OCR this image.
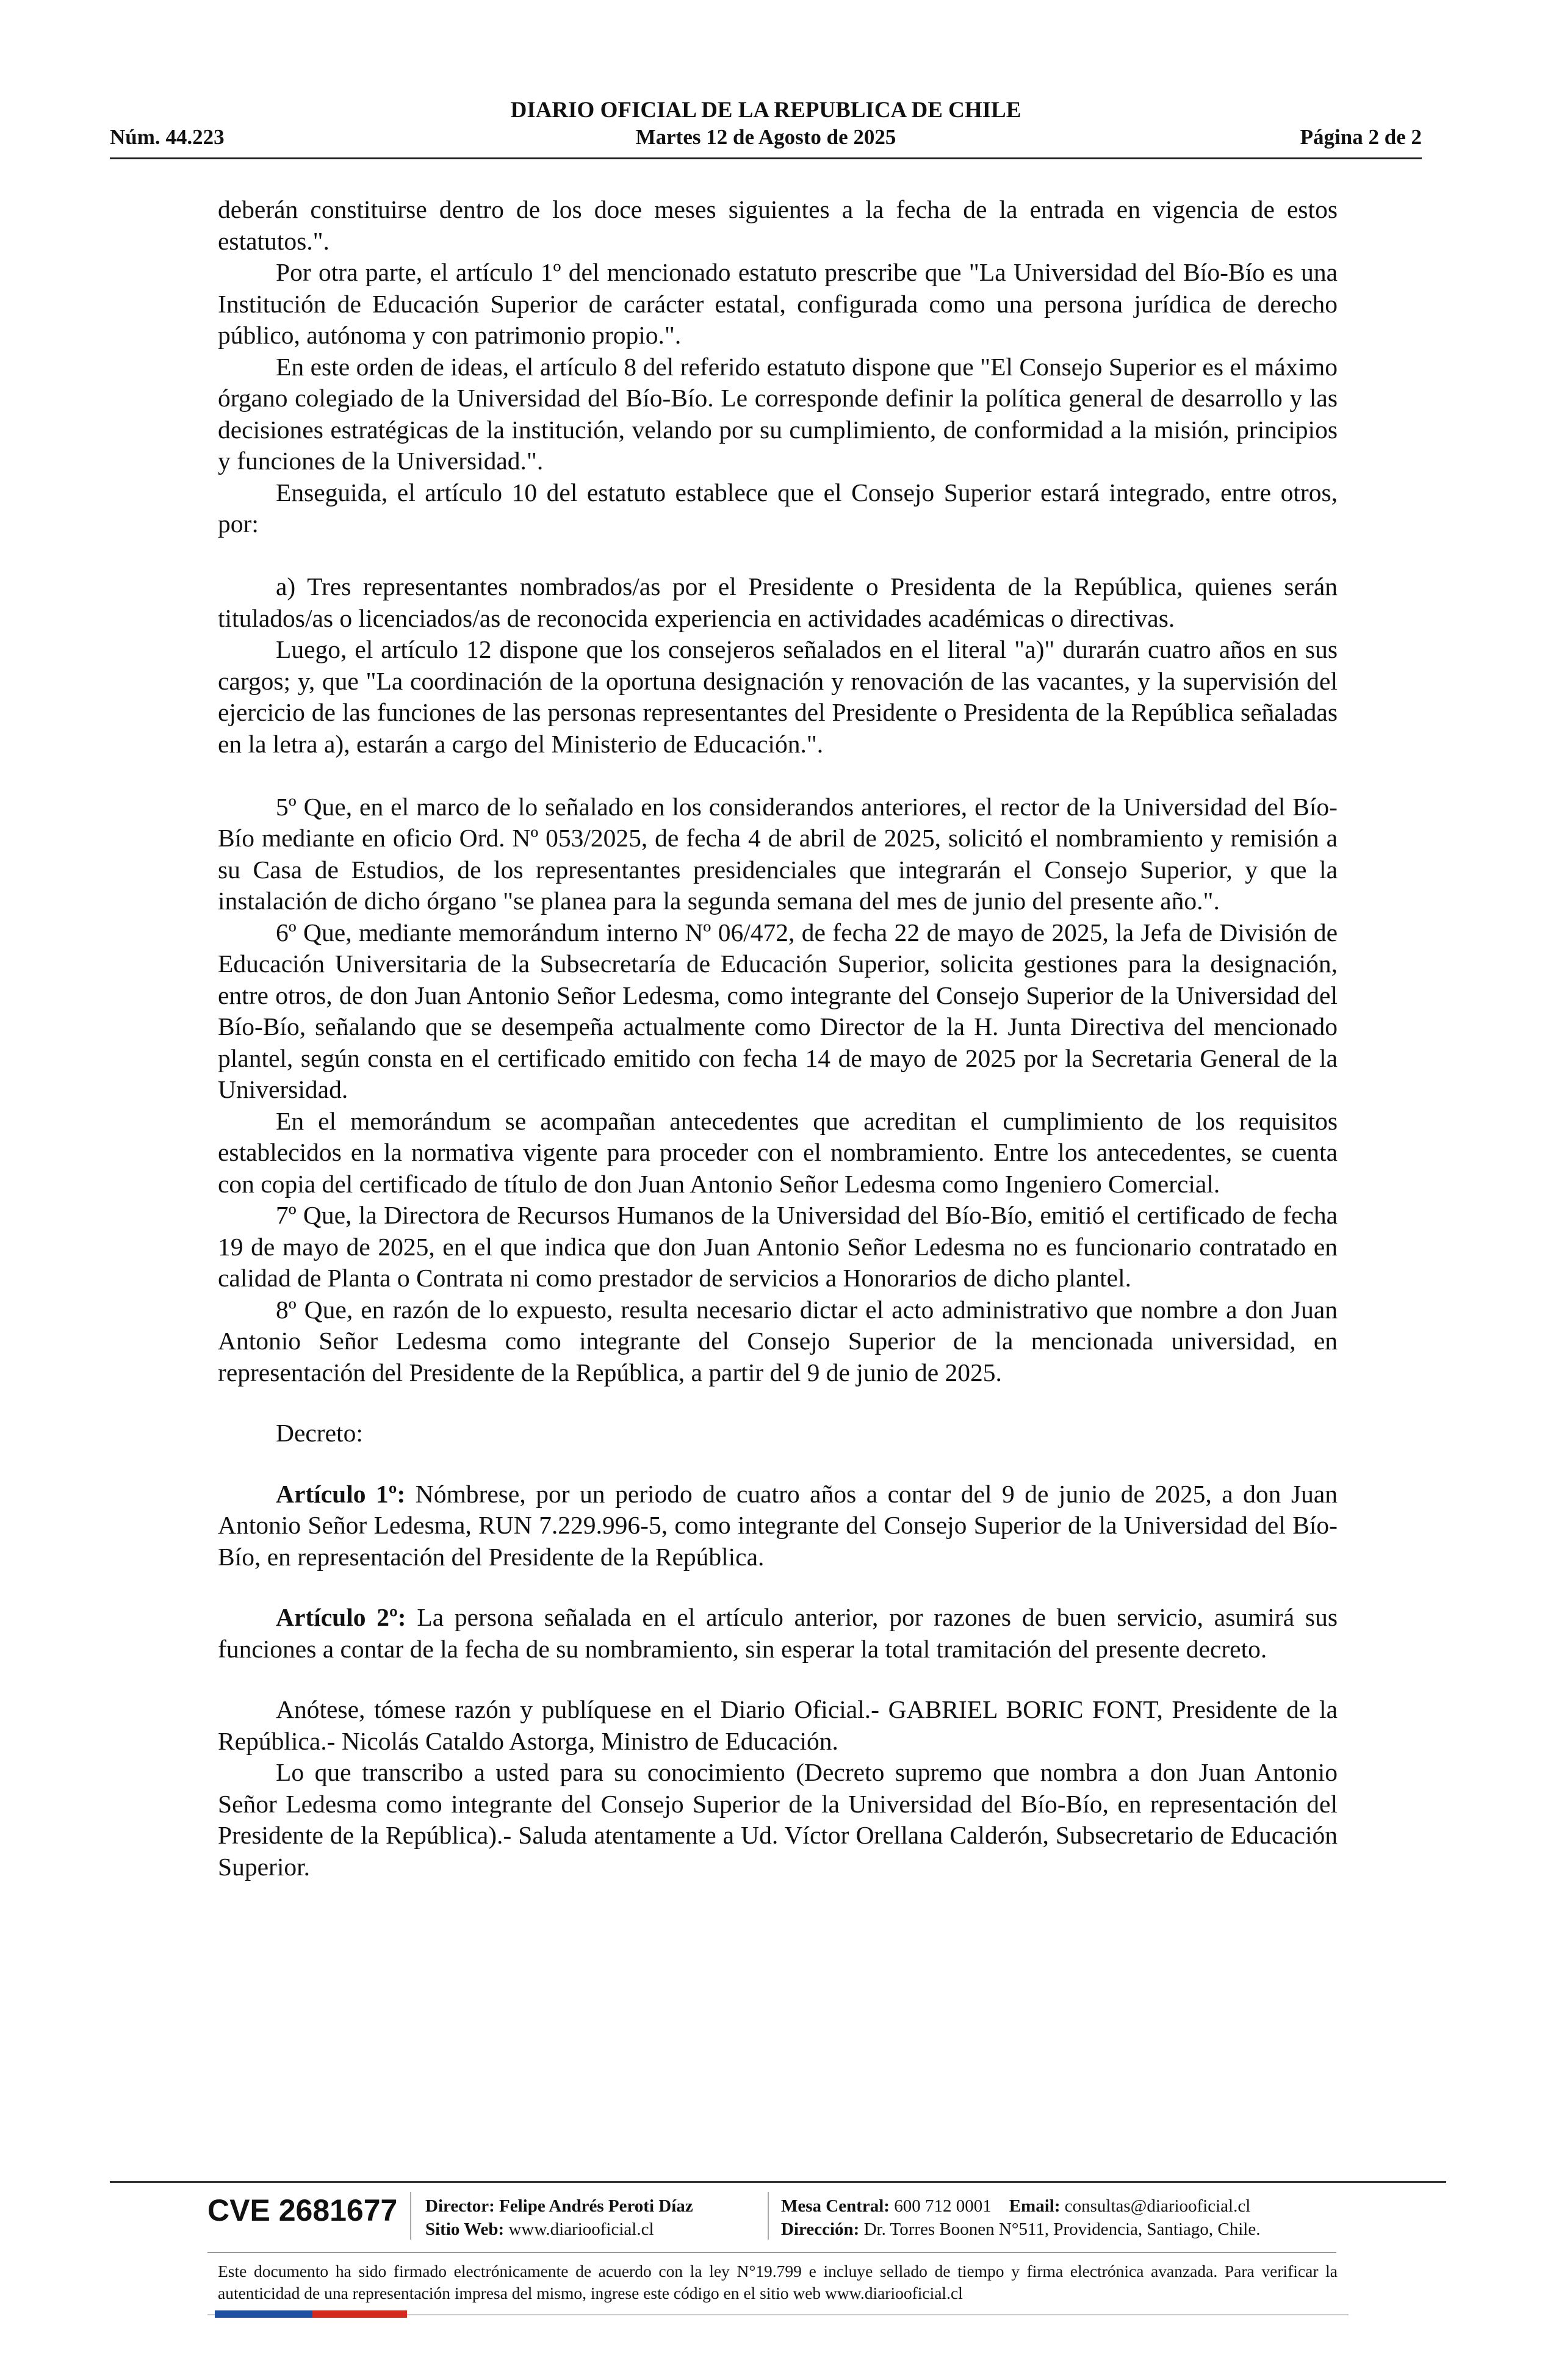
DIARIO OFICIAL DE LA REPUBLICA DE CHILE
Núm. 44.223	Martes 12 de Agosto de 2025	Página 2 de 2

deberán constituirse dentro de los doce meses siguientes a la fecha de la entrada en vigencia de estos estatutos.".

Por otra parte, el artículo 1º del mencionado estatuto prescribe que "La Universidad del Bío-Bío es una Institución de Educación Superior de carácter estatal, configurada como una persona jurídica de derecho público, autónoma y con patrimonio propio.".

En este orden de ideas, el artículo 8 del referido estatuto dispone que "El Consejo Superior es el máximo órgano colegiado de la Universidad del Bío-Bío. Le corresponde definir la política general de desarrollo y las decisiones estratégicas de la institución, velando por su cumplimiento, de conformidad a la misión, principios y funciones de la Universidad.".

Enseguida, el artículo 10 del estatuto establece que el Consejo Superior estará integrado, entre otros, por:

a) Tres representantes nombrados/as por el Presidente o Presidenta de la República, quienes serán titulados/as o licenciados/as de reconocida experiencia en actividades académicas o directivas.

Luego, el artículo 12 dispone que los consejeros señalados en el literal "a)" durarán cuatro años en sus cargos; y, que "La coordinación de la oportuna designación y renovación de las vacantes, y la supervisión del ejercicio de las funciones de las personas representantes del Presidente o Presidenta de la República señaladas en la letra a), estarán a cargo del Ministerio de Educación.".

5º Que, en el marco de lo señalado en los considerandos anteriores, el rector de la Universidad del Bío-Bío mediante en oficio Ord. Nº 053/2025, de fecha 4 de abril de 2025, solicitó el nombramiento y remisión a su Casa de Estudios, de los representantes presidenciales que integrarán el Consejo Superior, y que la instalación de dicho órgano "se planea para la segunda semana del mes de junio del presente año.".

6º Que, mediante memorándum interno Nº 06/472, de fecha 22 de mayo de 2025, la Jefa de División de Educación Universitaria de la Subsecretaría de Educación Superior, solicita gestiones para la designación, entre otros, de don Juan Antonio Señor Ledesma, como integrante del Consejo Superior de la Universidad del Bío-Bío, señalando que se desempeña actualmente como Director de la H. Junta Directiva del mencionado plantel, según consta en el certificado emitido con fecha 14 de mayo de 2025 por la Secretaria General de la Universidad.

En el memorándum se acompañan antecedentes que acreditan el cumplimiento de los requisitos establecidos en la normativa vigente para proceder con el nombramiento. Entre los antecedentes, se cuenta con copia del certificado de título de don Juan Antonio Señor Ledesma como Ingeniero Comercial.

7º Que, la Directora de Recursos Humanos de la Universidad del Bío-Bío, emitió el certificado de fecha 19 de mayo de 2025, en el que indica que don Juan Antonio Señor Ledesma no es funcionario contratado en calidad de Planta o Contrata ni como prestador de servicios a Honorarios de dicho plantel.

8º Que, en razón de lo expuesto, resulta necesario dictar el acto administrativo que nombre a don Juan Antonio Señor Ledesma como integrante del Consejo Superior de la mencionada universidad, en representación del Presidente de la República, a partir del 9 de junio de 2025.

Decreto:

Artículo 1º: Nómbrese, por un periodo de cuatro años a contar del 9 de junio de 2025, a don Juan Antonio Señor Ledesma, RUN 7.229.996-5, como integrante del Consejo Superior de la Universidad del Bío-Bío, en representación del Presidente de la República.

Artículo 2º: La persona señalada en el artículo anterior, por razones de buen servicio, asumirá sus funciones a contar de la fecha de su nombramiento, sin esperar la total tramitación del presente decreto.

Anótese, tómese razón y publíquese en el Diario Oficial.- GABRIEL BORIC FONT, Presidente de la República.- Nicolás Cataldo Astorga, Ministro de Educación.

Lo que transcribo a usted para su conocimiento (Decreto supremo que nombra a don Juan Antonio Señor Ledesma como integrante del Consejo Superior de la Universidad del Bío-Bío, en representación del Presidente de la República).- Saluda atentamente a Ud. Víctor Orellana Calderón, Subsecretario de Educación Superior.

CVE 2681677 Director: Felipe Andrés Peroti Díaz
Sitio Web: www.diariooficial.cl
Mesa Central: 600 712 0001 Email: consultas@diariooficial.cl
Dirección: Dr. Torres Boonen N°511, Providencia, Santiago, Chile.
Este documento ha sido firmado electrónicamente de acuerdo con la ley N°19.799 e incluye sellado de tiempo y firma electrónica avanzada. Para verificar la autenticidad de una representación impresa del mismo, ingrese este código en el sitio web www.diariooficial.cl
